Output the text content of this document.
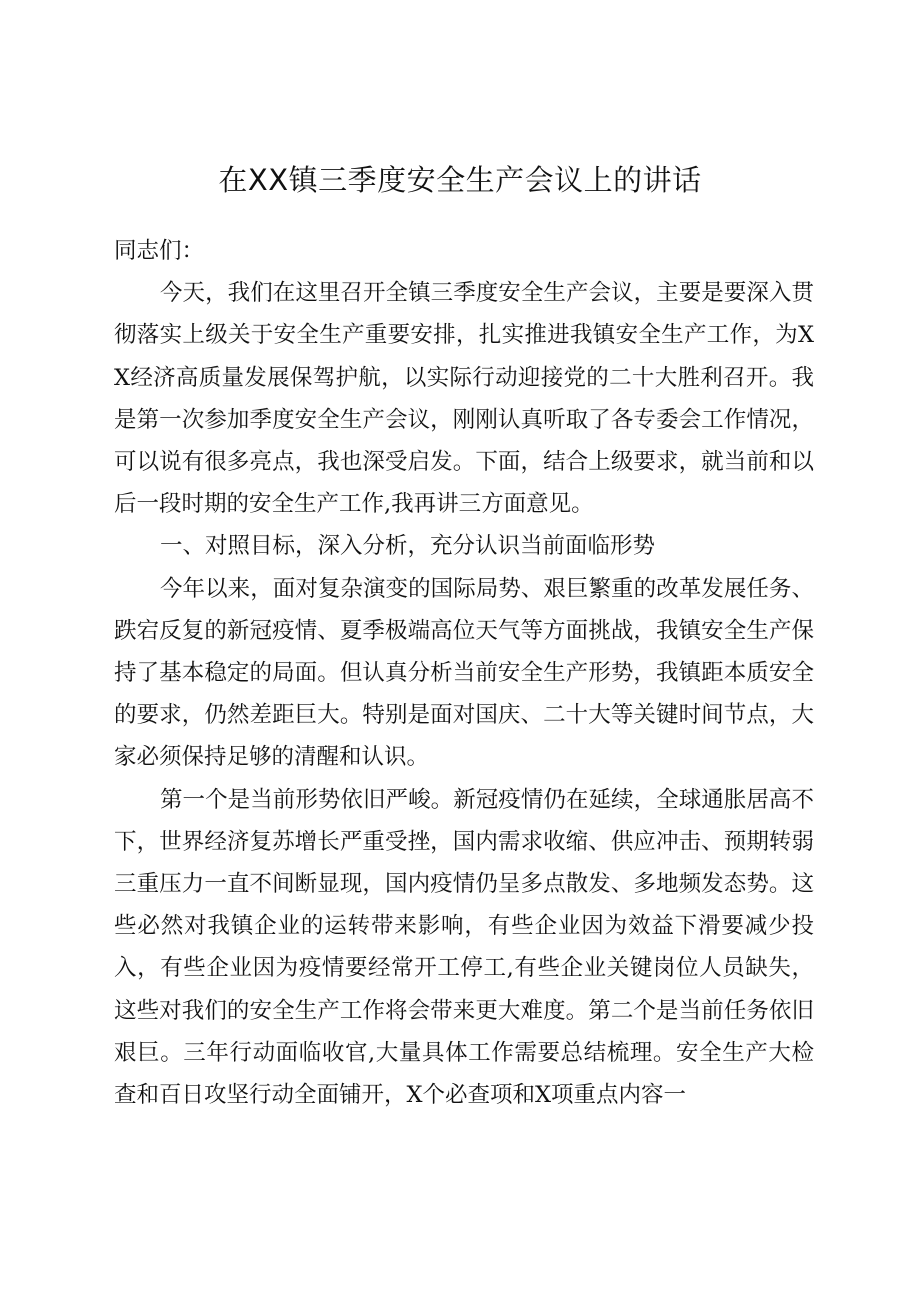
在XX镇三季度安全生产会议上的讲话

同志们：

今天，我们在这里召开全镇三季度安全生产会议，主要是要深入贯彻落实上级关于安全生产重要安排，扎实推进我镇安全生产工作，为XX经济高质量发展保驾护航，以实际行动迎接党的二十大胜利召开。我是第一次参加季度安全生产会议，刚刚认真听取了各专委会工作情况，可以说有很多亮点，我也深受启发。下面，结合上级要求，就当前和以后一段时期的安全生产工作,我再讲三方面意见。

一、对照目标，深入分析，充分认识当前面临形势

今年以来，面对复杂演变的国际局势、艰巨繁重的改革发展任务、跌宕反复的新冠疫情、夏季极端高位天气等方面挑战，我镇安全生产保持了基本稳定的局面。但认真分析当前安全生产形势，我镇距本质安全的要求，仍然差距巨大。特别是面对国庆、二十大等关键时间节点，大家必须保持足够的清醒和认识。

第一个是当前形势依旧严峻。新冠疫情仍在延续，全球通胀居高不下，世界经济复苏增长严重受挫，国内需求收缩、供应冲击、预期转弱三重压力一直不间断显现，国内疫情仍呈多点散发、多地频发态势。这些必然对我镇企业的运转带来影响，有些企业因为效益下滑要减少投入，有些企业因为疫情要经常开工停工,有些企业关键岗位人员缺失，这些对我们的安全生产工作将会带来更大难度。第二个是当前任务依旧艰巨。三年行动面临收官,大量具体工作需要总结梳理。安全生产大检查和百日攻坚行动全面铺开，X个必查项和X项重点内容一
